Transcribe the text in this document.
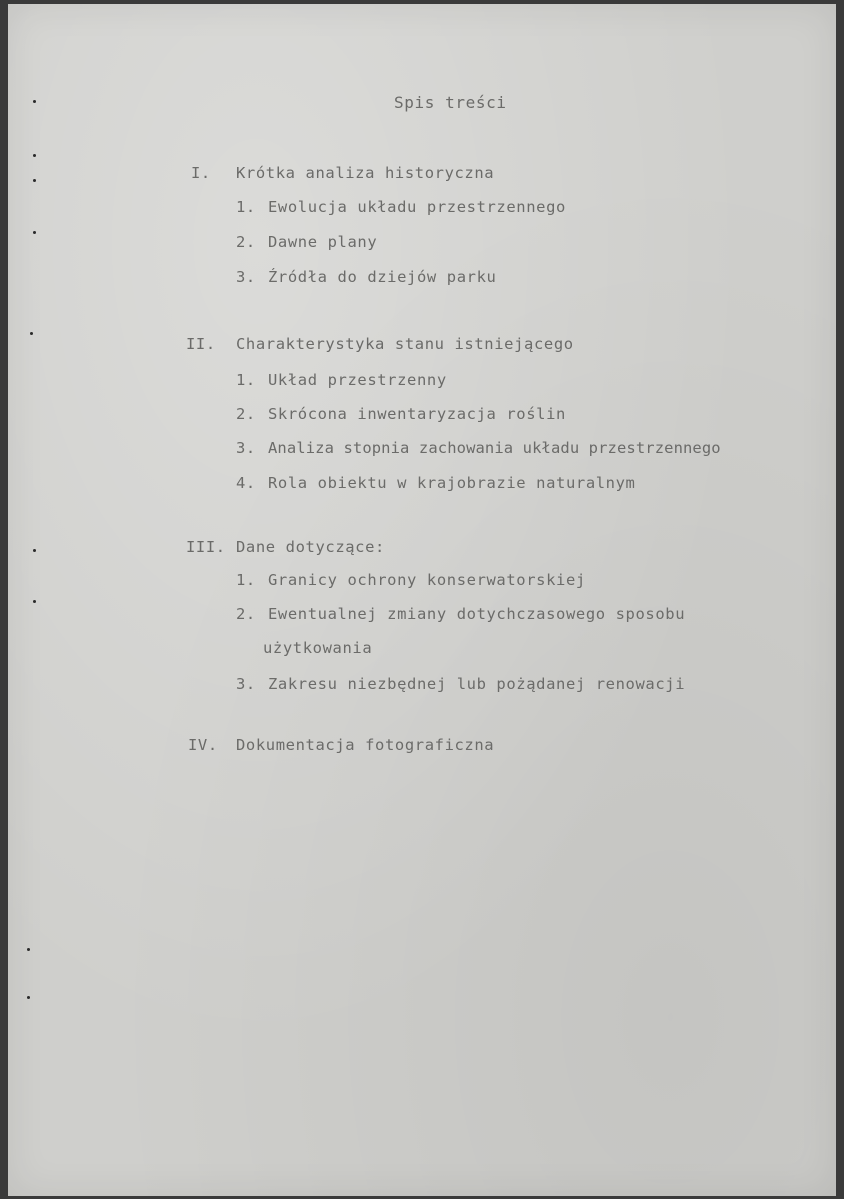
Spis treści
I. Krótka analiza historyczna
1. Ewolucja układu przestrzennego
2. Dawne plany
3. Źródła do dziejów parku
II. Charakterystyka stanu istniejącego
1. Układ przestrzenny
2. Skrócona inwentaryzacja roślin
3. Analiza stopnia zachowania układu przestrzennego
4. Rola obiektu w krajobrazie naturalnym
III. Dane dotyczące:
1. Granicy ochrony konserwatorskiej
2. Ewentualnej zmiany dotychczasowego sposobu
użytkowania
3. Zakresu niezbędnej lub pożądanej renowacji
IV. Dokumentacja fotograficzna
